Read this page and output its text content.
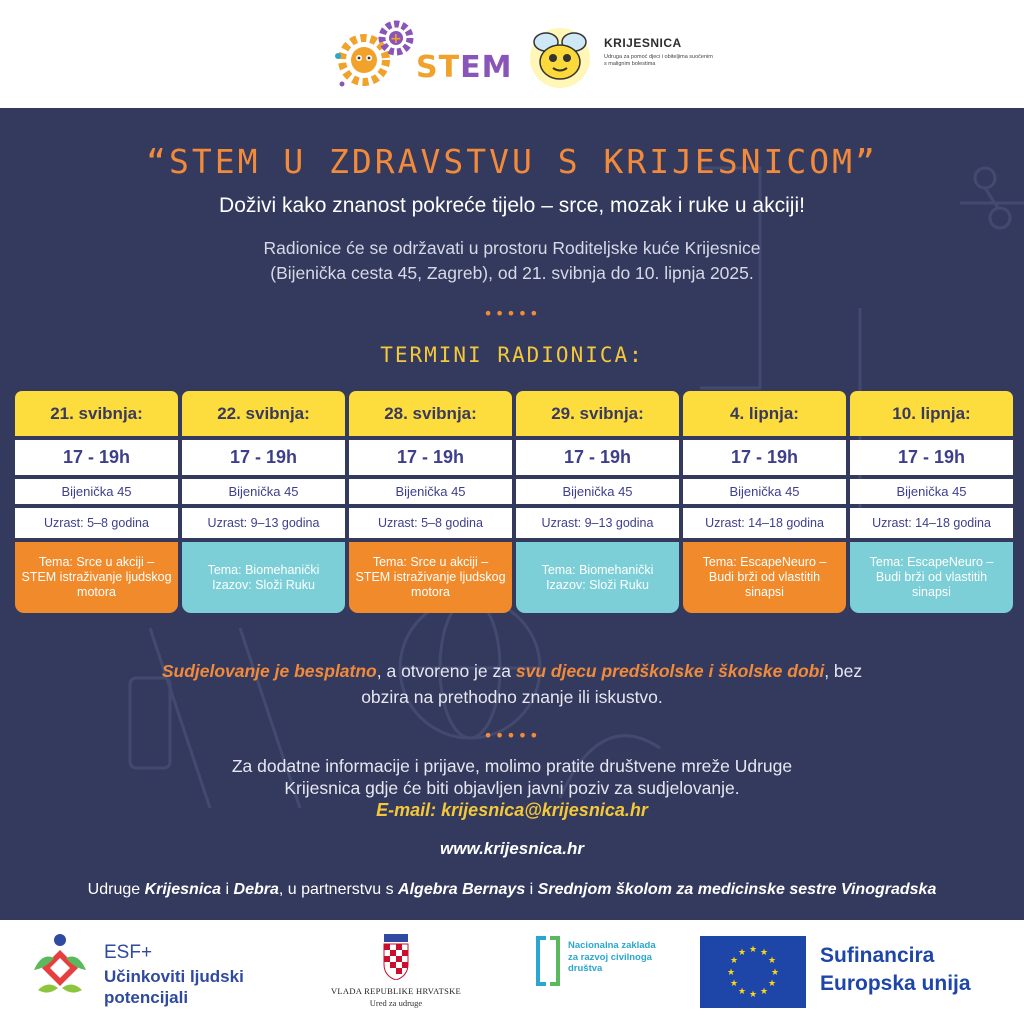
+
STEM
KRIJESNICA
Udruga za pomoć djeci i obiteljima suočenim s malignim bolestima
“STEM U ZDRAVSTVU S KRIJESNICOM”
Doživi kako znanost pokreće tijelo – srce, mozak i ruke u akciji!
Radionice će se održavati u prostoru Roditeljske kuće Krijesnice
(Bijenička cesta 45, Zagreb), od 21. svibnja do 10. lipnja 2025.
•••••
TERMINI RADIONICA:
21. svibnja:
17 - 19h
Bijenička 45
Uzrast: 5–8 godina
Tema: Srce u akciji – STEM istraživanje ljudskog motora
22. svibnja:
17 - 19h
Bijenička 45
Uzrast: 9–13 godina
Tema: Biomehanički Izazov: Složi Ruku
28. svibnja:
17 - 19h
Bijenička 45
Uzrast: 5–8 godina
Tema: Srce u akciji – STEM istraživanje ljudskog motora
29. svibnja:
17 - 19h
Bijenička 45
Uzrast: 9–13 godina
Tema: Biomehanički Izazov: Složi Ruku
4. lipnja:
17 - 19h
Bijenička 45
Uzrast: 14–18 godina
Tema: EscapeNeuro – Budi brži od vlastitih sinapsi
10. lipnja:
17 - 19h
Bijenička 45
Uzrast: 14–18 godina
Tema: EscapeNeuro – Budi brži od vlastitih sinapsi
Sudjelovanje je besplatno, a otvoreno je za svu djecu predškolske i školske dobi, bez obzira na prethodno znanje ili iskustvo.
•••••
Za dodatne informacije i prijave, molimo pratite društvene mreže Udruge
Krijesnica gdje će biti objavljen javni poziv za sudjelovanje.
E-mail: krijesnica@krijesnica.hr
www.krijesnica.hr
Udruge Krijesnica i Debra, u partnerstvu s Algebra Bernays i Srednjom školom za medicinske sestre Vinogradska
ESF+
Učinkoviti ljudski potencijali	VLADA REPUBLIKE HRVATSKE
Ured za udruge
Nacionalna zaklada za razvoj civilnoga društva
★ ★
★
★
★
★
★
★
★
★
★
★	Sufinancira
Europska unija
